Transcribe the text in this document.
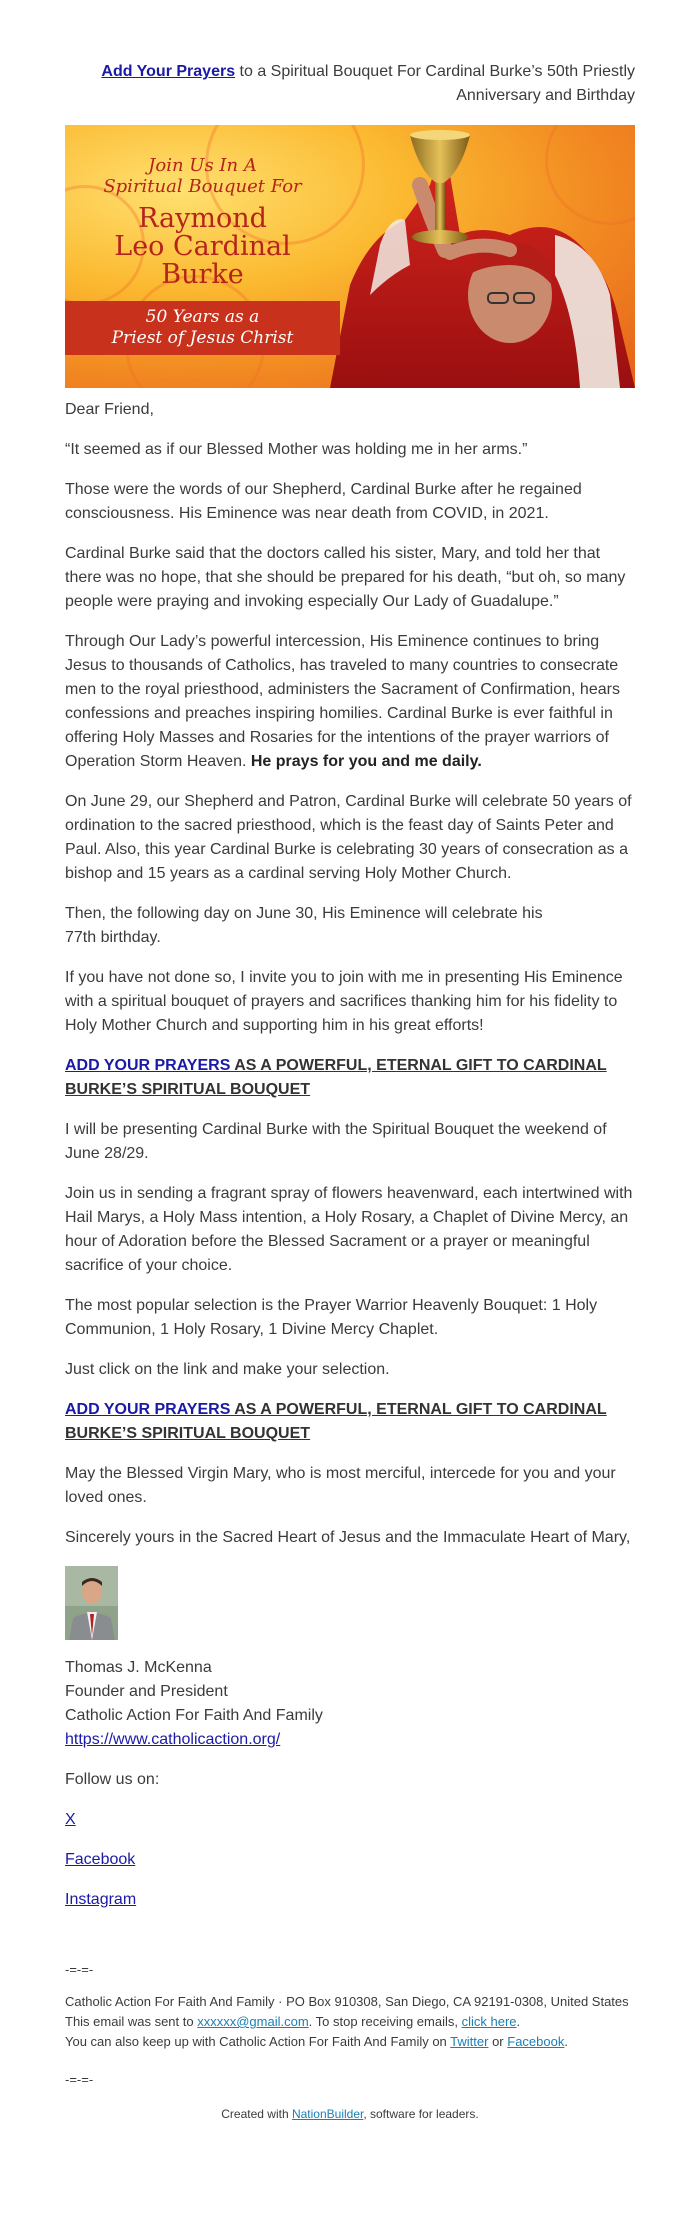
Add Your Prayers to a Spiritual Bouquet For Cardinal Burke’s 50th Priestly Anniversary and Birthday
Join Us In A
Spiritual Bouquet For
Raymond
Leo Cardinal
Burke
50 Years as a
Priest of Jesus Christ

Dear Friend,

“It seemed as if our Blessed Mother was holding me in her arms.”

Those were the words of our Shepherd, Cardinal Burke after he regained consciousness. His Eminence was near death from COVID, in 2021.

Cardinal Burke said that the doctors called his sister, Mary, and told her that there was no hope, that she should be prepared for his death, “but oh, so many people were praying and invoking especially Our Lady of Guadalupe.”

Through Our Lady’s powerful intercession, His Eminence continues to bring Jesus to thousands of Catholics, has traveled to many countries to consecrate men to the royal priesthood, administers the Sacrament of Confirmation, hears confessions and preaches inspiring homilies. Cardinal Burke is ever faithful in offering Holy Masses and Rosaries for the intentions of the prayer warriors of Operation Storm Heaven. He prays for you and me daily.

On June 29, our Shepherd and Patron, Cardinal Burke will celebrate 50 years of ordination to the sacred priesthood, which is the feast day of Saints Peter and Paul. Also, this year Cardinal Burke is celebrating 30 years of consecration as a bishop and 15 years as a cardinal serving Holy Mother Church.

Then, the following day on June 30, His Eminence will celebrate his
77th birthday.

If you have not done so, I invite you to join with me in presenting His Eminence with a spiritual bouquet of prayers and sacrifices thanking him for his fidelity to Holy Mother Church and supporting him in his great efforts!

ADD YOUR PRAYERS AS A POWERFUL, ETERNAL GIFT TO CARDINAL BURKE’S SPIRITUAL BOUQUET

I will be presenting Cardinal Burke with the Spiritual Bouquet the weekend of June 28/29.

Join us in sending a fragrant spray of flowers heavenward, each intertwined with Hail Marys, a Holy Mass intention, a Holy Rosary, a Chaplet of Divine Mercy, an hour of Adoration before the Blessed Sacrament or a prayer or meaningful sacrifice of your choice.

The most popular selection is the Prayer Warrior Heavenly Bouquet: 1 Holy Communion, 1 Holy Rosary, 1 Divine Mercy Chaplet.

Just click on the link and make your selection.

ADD YOUR PRAYERS AS A POWERFUL, ETERNAL GIFT TO CARDINAL BURKE’S SPIRITUAL BOUQUET

May the Blessed Virgin Mary, who is most merciful, intercede for you and your loved ones.

Sincerely yours in the Sacred Heart of Jesus and the Immaculate Heart of Mary,

Thomas J. McKenna
Founder and President
Catholic Action For Faith And Family
https://www.catholicaction.org/

Follow us on:

X

Facebook

Instagram

-=-=-

Catholic Action For Faith And Family · PO Box 910308, San Diego, CA 92191-0308, United States

This email was sent to xxxxxx@gmail.com. To stop receiving emails, click here.

You can also keep up with Catholic Action For Faith And Family on Twitter or Facebook.

-=-=-
Created with NationBuilder, software for leaders.
